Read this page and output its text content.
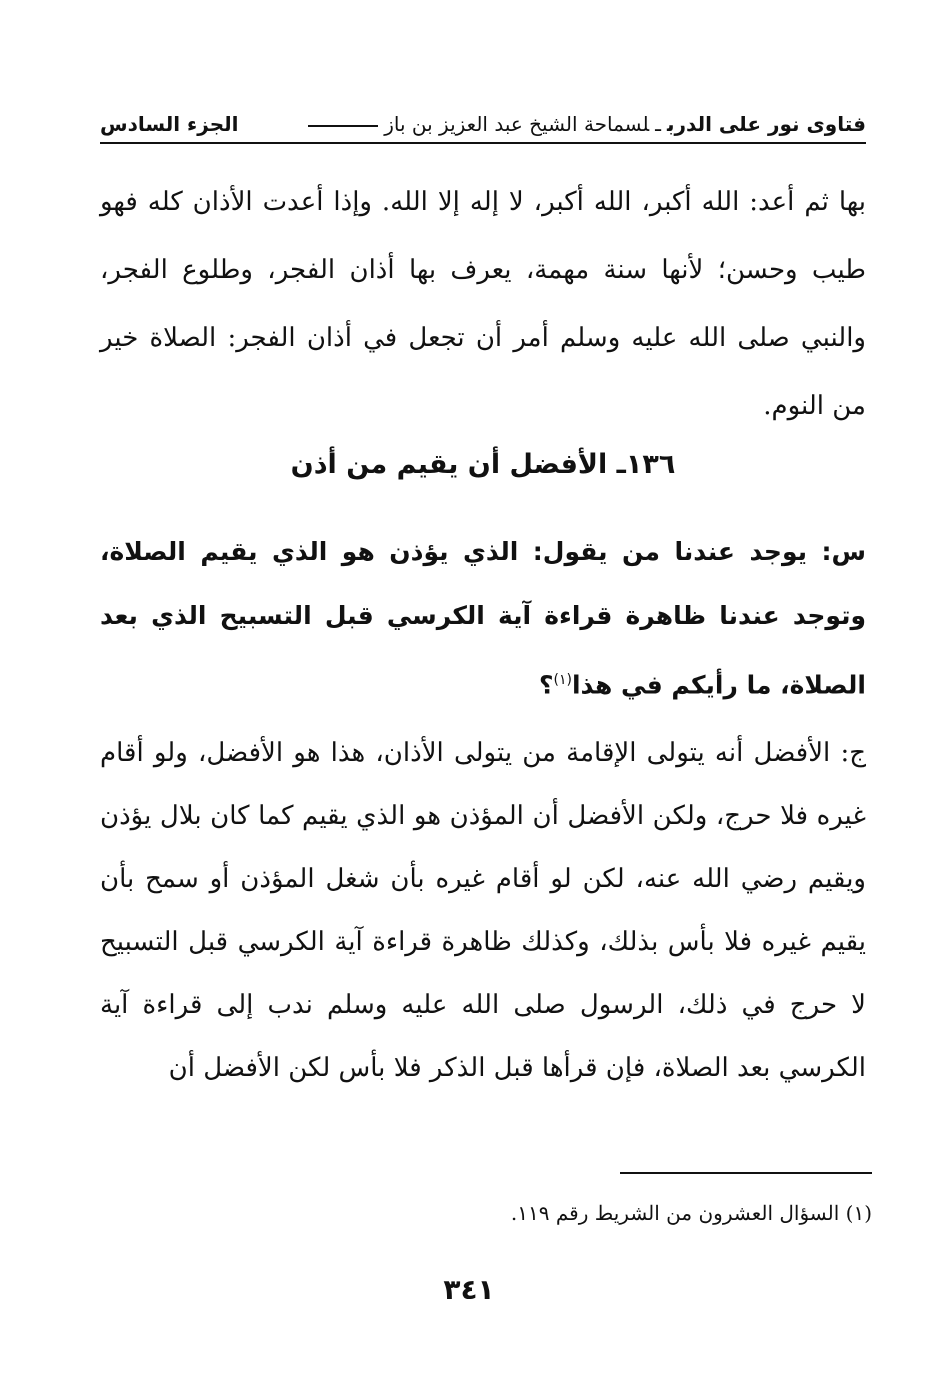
فتاوى نور على الدربـلسماحة الشيخ عبد العزيز بن باز
الجزء السادس
بها ثم أعد: الله أكبر، الله أكبر، لا إله إلا الله. وإذا أعدت الأذان كله فهو طيب وحسن؛ لأنها سنة مهمة، يعرف بها أذان الفجر، وطلوع الفجر، والنبي صلى الله عليه وسلم أمر أن تجعل في أذان الفجر: الصلاة خير من النوم.
١٣٦ـ الأفضل أن يقيم من أذن
س: يوجد عندنا من يقول: الذي يؤذن هو الذي يقيم الصلاة، وتوجد عندنا ظاهرة قراءة آية الكرسي قبل التسبيح الذي بعد الصلاة، ما رأيكم في هذا$^{(١)}$؟
ج: الأفضل أنه يتولى الإقامة من يتولى الأذان، هذا هو الأفضل، ولو أقام غيره فلا حرج، ولكن الأفضل أن المؤذن هو الذي يقيم كما كان بلال يؤذن ويقيم رضي الله عنه، لكن لو أقام غيره بأن شغل المؤذن أو سمح بأن يقيم غيره فلا بأس بذلك، وكذلك ظاهرة قراءة آية الكرسي قبل التسبيح لا حرج في ذلك، الرسول صلى الله عليه وسلم ندب إلى قراءة آية الكرسي بعد الصلاة، فإن قرأها قبل الذكر فلا بأس لكن الأفضل أن
(١) السؤال العشرون من الشريط رقم ١١٩.
٣٤١
